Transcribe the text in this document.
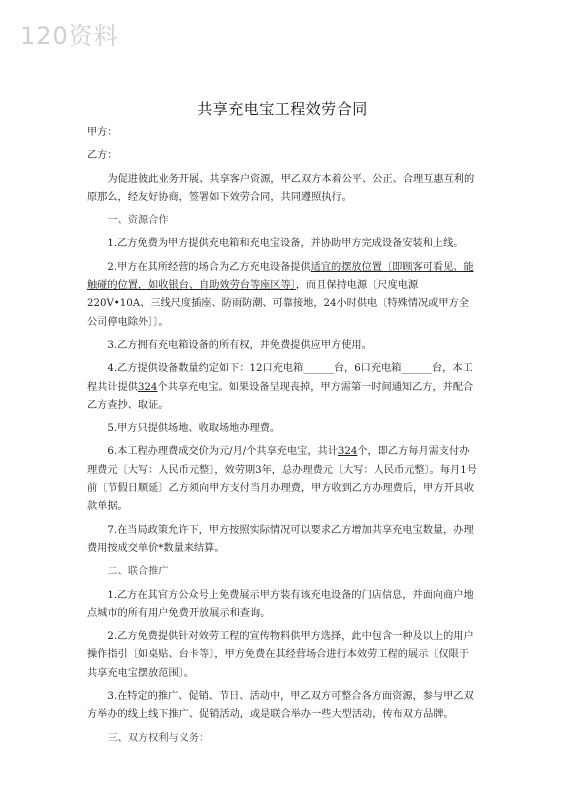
120资料
共享充电宝工程效劳合同

甲方：

乙方：

为促进彼此业务开展、共享客户资源，甲乙双方本着公平、公正、合理互惠互利的原那么，经友好协商，签署如下效劳合同，共同遵照执行。

一、资源合作

1.乙方免费为甲方提供充电箱和充电宝设备，并协助甲方完成设备安装和上线。

2.甲方在其所经营的场合为乙方充电设备提供适宜的摆放位置〔即顾客可看见、能触碰的位置，如收银台、自助效劳台等座区等〕，而且保持电源〔尺度电源220V•10A、三线尺度插座、防雨防潮、可靠接地，24小时供电〔特殊情况或甲方全公司停电除外〕〕。

3.乙方拥有充电箱设备的所有权，并免费提供应甲方使用。

4.乙方提供设备数量约定如下：12口充电箱______台，6口充电箱______台，本工程共计提供324个共享充电宝。如果设备呈现丧掉，甲方需第一时间通知乙方，并配合乙方查抄、取证。

5.甲方只提供场地、收取场地办理费。

6.本工程办理费成交价为元/月/个共享充电宝，共计324个，即乙方每月需支付办理费元〔大写：人民币元整〕，效劳期3年，总办理费元〔大写：人民币元整〕。每月1号前〔节假日顺延〕乙方须向甲方支付当月办理费，甲方收到乙方办理费后，甲方开具收款单据。

7.在当局政策允许下，甲方按照实际情况可以要求乙方增加共享充电宝数量，办理费用按成交单价*数量来结算。

二、联合推广

1.乙方在其官方公众号上免费展示甲方装有该充电设备的门店信息，并面向商户地点城市的所有用户免费开放展示和查询。

2.乙方免费提供针对效劳工程的宣传物料供甲方选择，此中包含一种及以上的用户操作指引〔如桌贴、台卡等〕，甲方免费在其经营场合进行本效劳工程的展示〔仅限于共享充电宝摆放范围〕。

3.在特定的推广、促销、节日、活动中，甲乙双方可整合各方面资源，参与甲乙双方举办的线上线下推广、促销活动，或是联合举办一些大型活动，传布双方品牌。

三、双方权利与义务：
